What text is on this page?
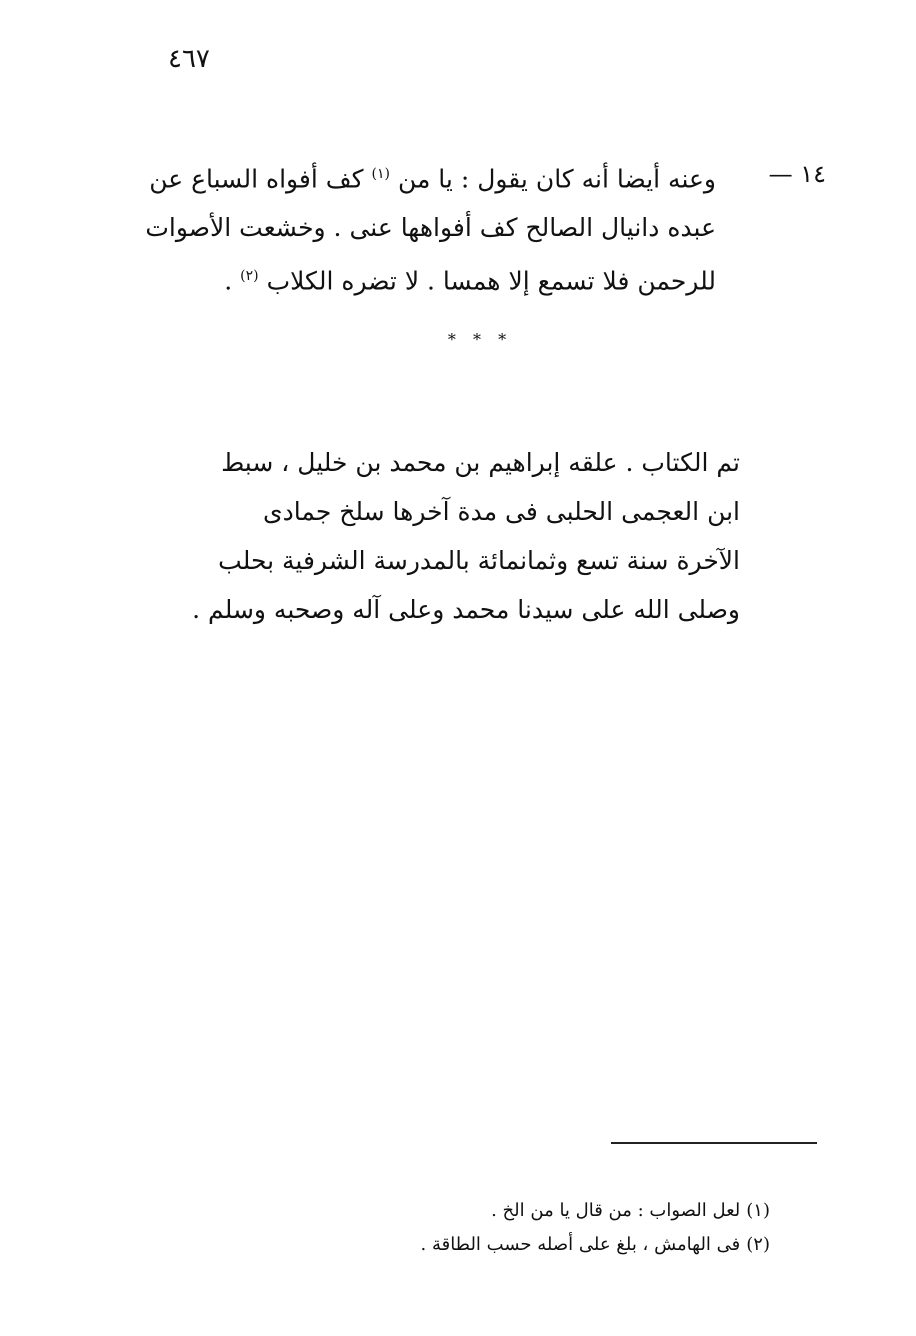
٤٦٧
١٤ —
وعنه أيضا أنه كان يقول : يا من $^{(١)}$ كف أفواه السباع عن
عبده دانيال الصالح كف أفواهها عنى . وخشعت الأصوات
للرحمن فلا تسمع إلا همسا . لا تضره الكلاب $^{(٢)}$ .
* * *
تم الكتاب . علقه إبراهيم بن محمد بن خليل ، سبط
ابن العجمى الحلبى فى مدة آخرها سلخ جمادى
الآخرة سنة تسع وثمانمائة بالمدرسة الشرفية بحلب
وصلى الله على سيدنا محمد وعلى آله وصحبه وسلم .
(١)لعل الصواب : من قال يا من الخ .
(٢)فى الهامش ، بلغ على أصله حسب الطاقة .
